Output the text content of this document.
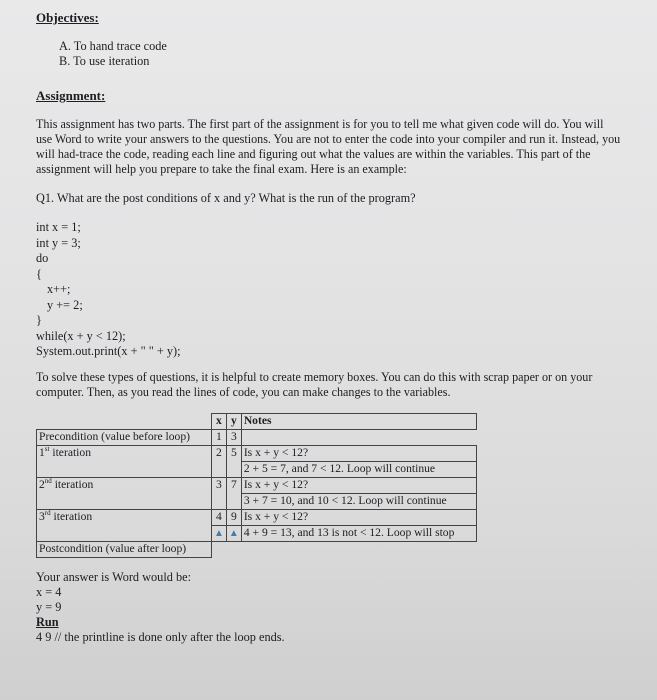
Objectives:
A. To hand trace code
B. To use iteration
Assignment:
This assignment has two parts. The first part of the assignment is for you to tell me what given code will do. You will use Word to write your answers to the questions. You are not to enter the code into your compiler and run it. Instead, you will had-trace the code, reading each line and figuring out what the values are within the variables. This part of the assignment will help you prepare to take the final exam. Here is an example:
Q1. What are the post conditions of x and y? What is the run of the program?
int x = 1;
int y = 3;
do
{
x++;
y += 2;
}
while(x + y < 12);
System.out.print(x + " " + y);
To solve these types of questions, it is helpful to create memory boxes. You can do this with scrap paper or on your computer. Then, as you read the lines of code, you can make changes to the variables.
	x	y	Notes
Precondition (value before loop)	1	3	
1st iteration	2	5	Is x + y < 12?
			2 + 5 = 7, and 7 < 12. Loop will continue
2nd iteration	3	7	Is x + y < 12?
			3 + 7 = 10, and 10 < 12. Loop will continue
3rd iteration	4	9	Is x + y < 12?
	▲	▲	4 + 9 = 13, and 13 is not < 12. Loop will stop
Postcondition (value after loop)			
Your answer is Word would be:
x = 4
y = 9
Run
4 9 // the printline is done only after the loop ends.
